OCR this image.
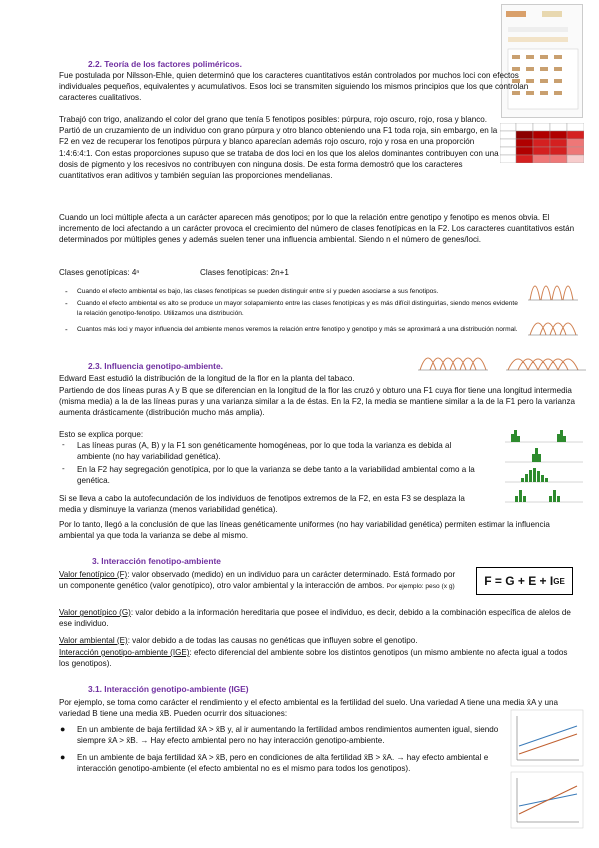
2.2. Teoría de los factores poliméricos.
Fue postulada por Nilsson-Ehle, quien determinó que los caracteres cuantitativos están controlados por muchos loci con efectos individuales pequeños, equivalentes y acumulativos. Esos loci se transmiten siguiendo los mismos principios que los que controlan caracteres cualitativos.
Trabajó con trigo, analizando el color del grano que tenía 5 fenotipos posibles: púrpura, rojo oscuro, rojo, rosa y blanco. Partió de un cruzamiento de un individuo con grano púrpura y otro blanco obteniendo una F1 toda roja, sin embargo, en la F2 en vez de recuperar los fenotipos púrpura y blanco aparecían además rojo oscuro, rojo y rosa en una proporción 1:4:6:4:1. Con estas proporciones supuso que se trataba de dos loci en los que los alelos dominantes contribuyen con una dosis de pigmento y los recesivos no contribuyen con ninguna dosis. De esta forma demostró que los caracteres cuantitativos eran aditivos y también seguían las proporciones mendelianas.
Cuando un loci múltiple afecta a un carácter aparecen más genotipos; por lo que la relación entre genotipo y fenotipo es menos obvia. El incremento de loci afectando a un carácter provoca el crecimiento del número de clases fenotípicas en la F2. Los caracteres cuantitativos están determinados por múltiples genes y además suelen tener una influencia ambiental. Siendo n el número de genes/loci.
Clases genotípicas: 4ⁿ	Clases fenotípicas: 2n+1
- Cuando el efecto ambiental es bajo, las clases fenotípicas se pueden distinguir entre sí y pueden asociarse a sus fenotipos.
- Cuando el efecto ambiental es alto se produce un mayor solapamiento entre las clases fenotípicas y es más difícil distinguirlas, siendo menos evidente la relación genotipo-fenotipo. Utilizamos una distribución.
- Cuantos más loci y mayor influencia del ambiente menos veremos la relación entre fenotipo y genotipo y más se aproximará a una distribución normal.
2.3. Influencia genotipo-ambiente.
Edward East estudió la distribución de la longitud de la flor en la planta del tabaco.
Partiendo de dos líneas puras A y B que se diferencian en la longitud de la flor las cruzó y obturo una F1 cuya flor tiene una longitud intermedia (misma media) a la de las líneas puras y una varianza similar a la de éstas. En la F2, la media se mantiene similar a la de la F1 pero la varianza aumenta drásticamente (distribución mucho más amplia).
Esto se explica porque:
- Las líneas puras (A, B) y la F1 son genéticamente homogéneas, por lo que toda la varianza es debida al ambiente (no hay variabilidad genética).
- En la F2 hay segregación genotípica, por lo que la varianza se debe tanto a la variabilidad ambiental como a la genética.
Si se lleva a cabo la autofecundación de los individuos de fenotipos extremos de la F2, en esta F3 se desplaza la media y disminuye la varianza (menos variabilidad genética).
Por lo tanto, llegó a la conclusión de que las líneas genéticamente uniformes (no hay variabilidad genética) permiten estimar la influencia ambiental ya que toda la varianza se debe al mismo.
3. Interacción fenotipo-ambiente
F = G + E + I GE
Valor fenotípico (F): valor observado (medido) en un individuo para un carácter determinado. Está formado por un componente genético (valor genotípico), otro valor ambiental y la interacción de ambos. Por ejemplo: peso (x g)
Valor genotípico (G): valor debido a la información hereditaria que posee el individuo, es decir, debido a la combinación específica de alelos de ese individuo.
Valor ambiental (E): valor debido a de todas las causas no genéticas que influyen sobre el genotipo.
Interacción genotipo-ambiente (IGE): efecto diferencial del ambiente sobre los distintos genotipos (un mismo ambiente no afecta igual a todos los genotipos).
3.1. Interacción genotipo-ambiente (IGE)
Por ejemplo, se toma como carácter el rendimiento y el efecto ambiental es la fertilidad del suelo. Una variedad A tiene una media x̄A y una variedad B tiene una media x̄B. Pueden ocurrir dos situaciones:
● En un ambiente de baja fertilidad x̄A > x̄B y, al ir aumentando la fertilidad ambos rendimientos aumenten igual, siendo siempre x̄A > x̄B. → Hay efecto ambiental pero no hay interacción genotipo-ambiente.
● En un ambiente de baja fertilidad x̄A > x̄B, pero en condiciones de alta fertilidad x̄B > x̄A. → hay efecto ambiental e interacción genotipo-ambiente (el efecto ambiental no es el mismo para todos los genotipos).
